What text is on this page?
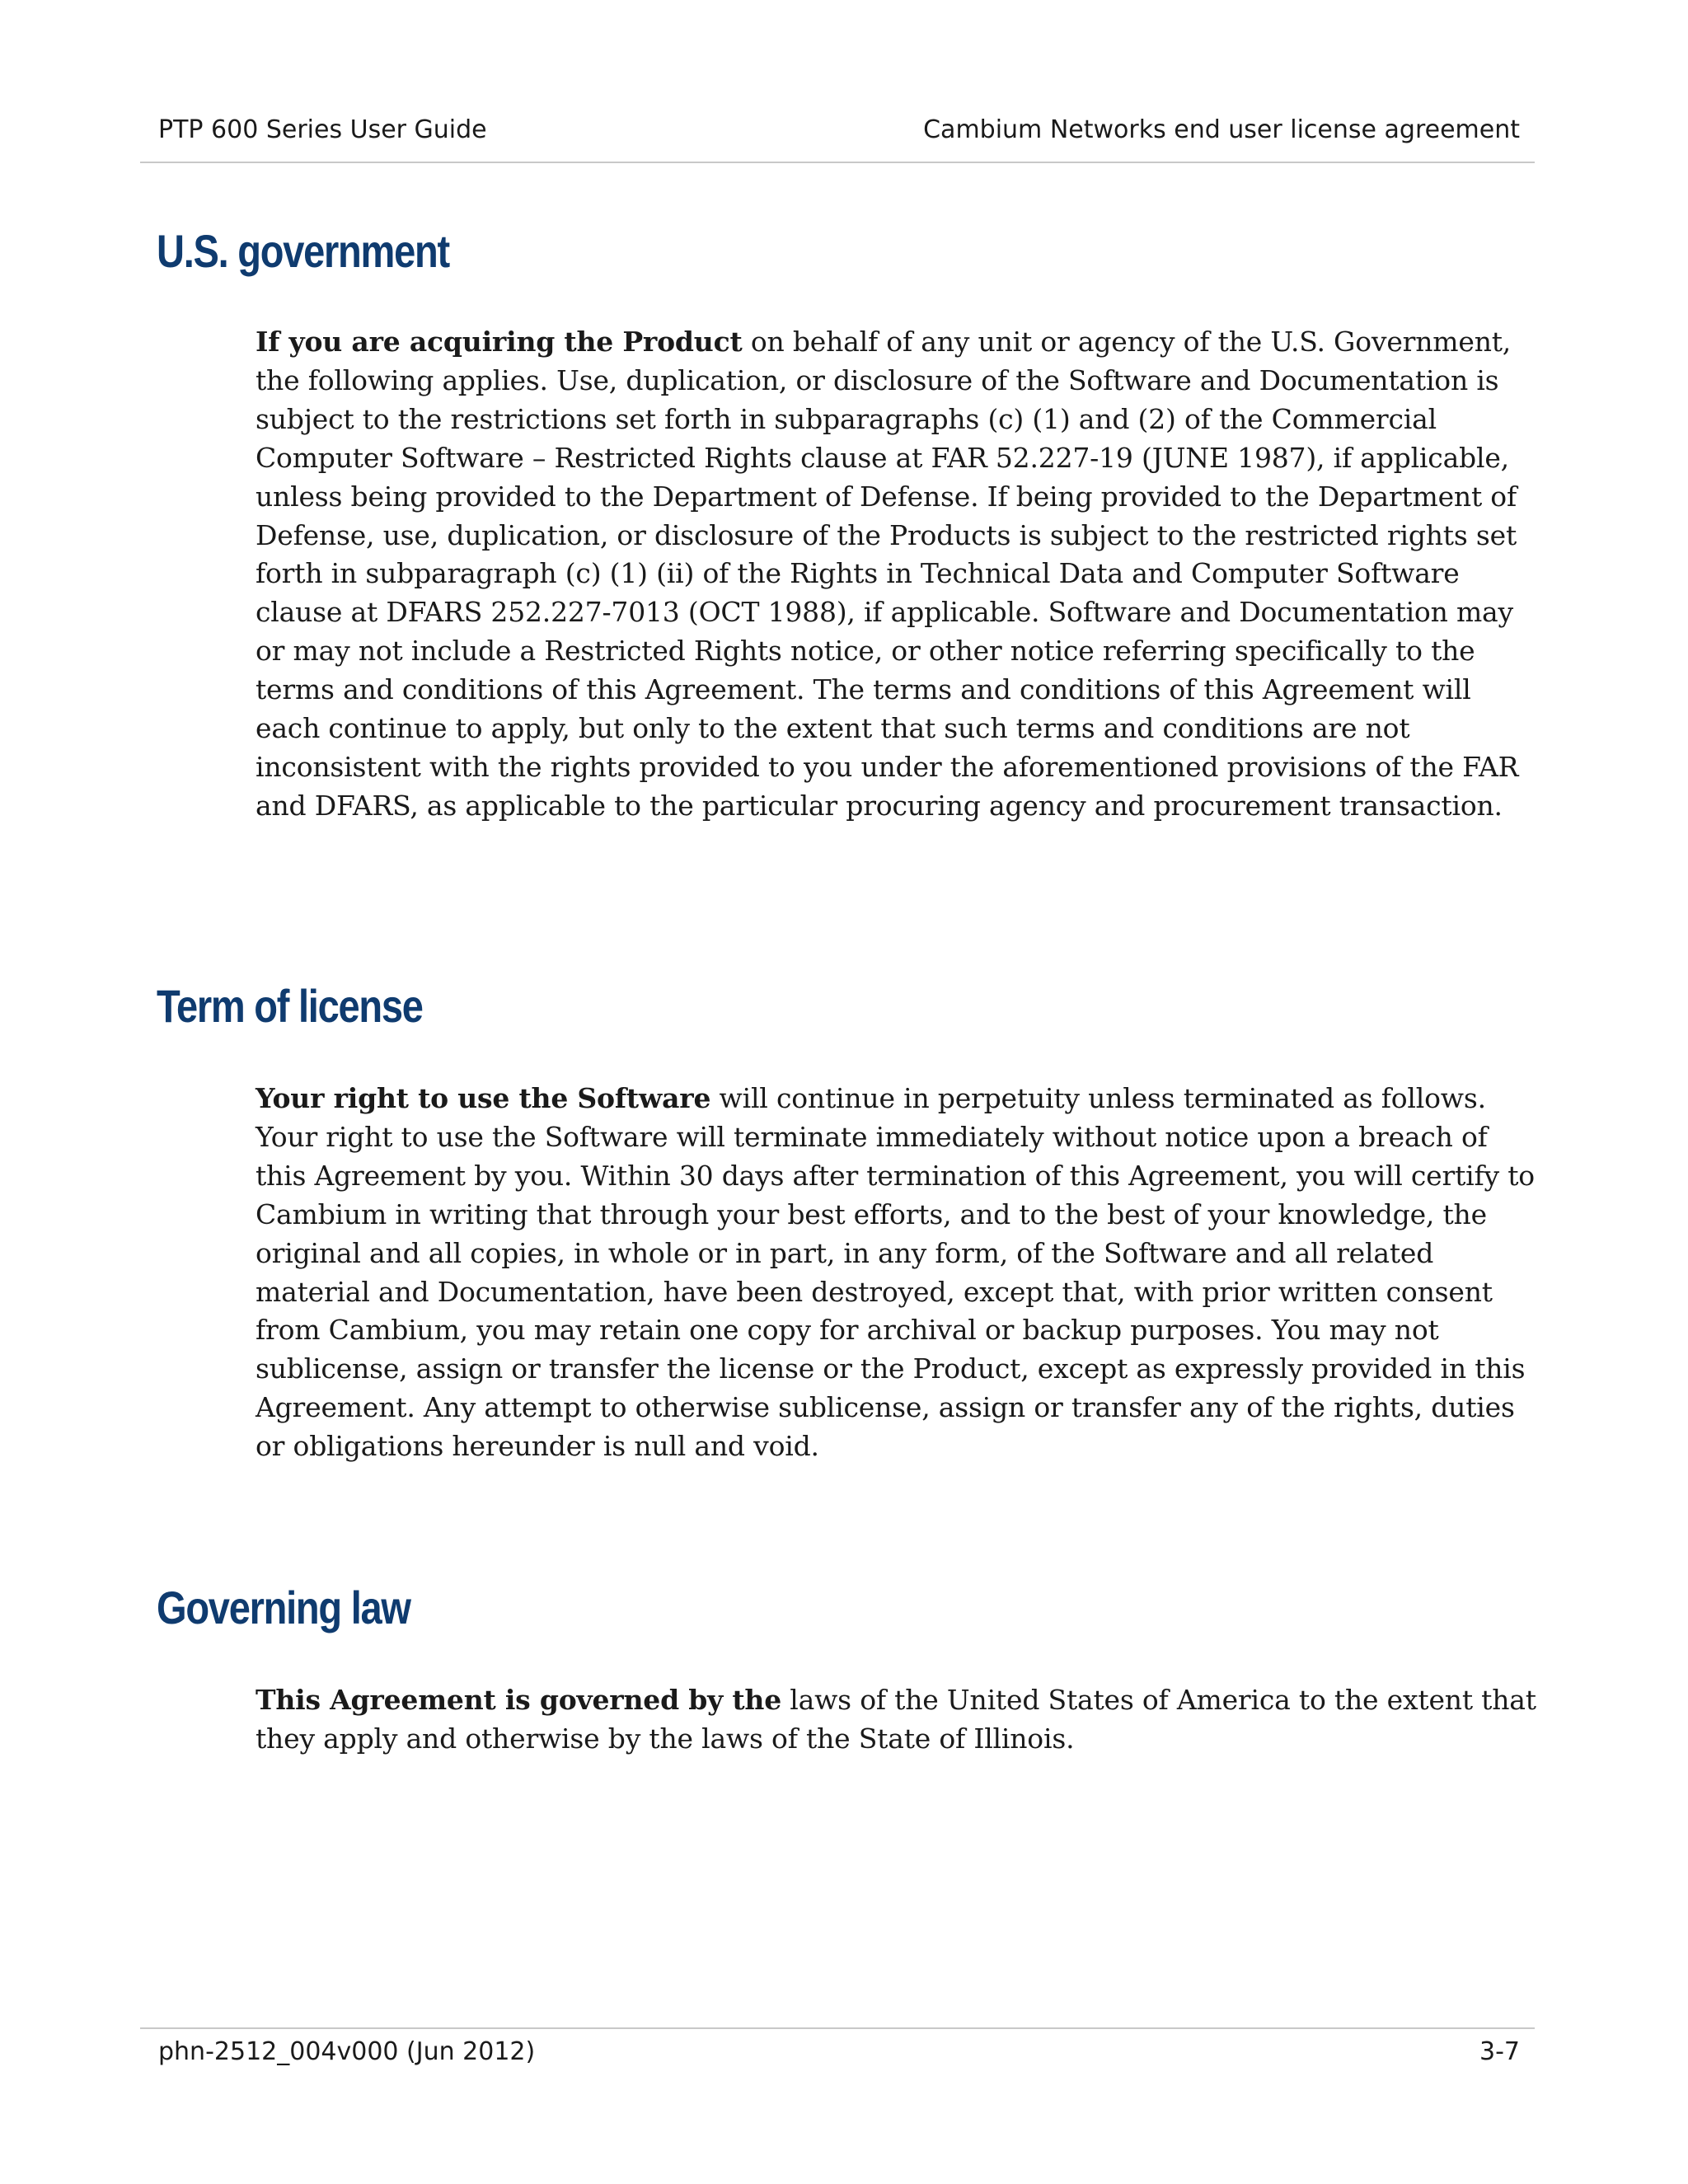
PTP 600 Series User Guide	Cambium Networks end user license agreement
U.S. government

If you are acquiring the Product on behalf of any unit or agency of the U.S. Government, the following applies. Use, duplication, or disclosure of the Software and Documentation is subject to the restrictions set forth in subparagraphs (c) (1) and (2) of the Commercial Computer Software – Restricted Rights clause at FAR 52.227-19 (JUNE 1987), if applicable, unless being provided to the Department of Defense. If being provided to the Department of Defense, use, duplication, or disclosure of the Products is subject to the restricted rights set forth in subparagraph (c) (1) (ii) of the Rights in Technical Data and Computer Software clause at DFARS 252.227-7013 (OCT 1988), if applicable. Software and Documentation may or may not include a Restricted Rights notice, or other notice referring specifically to the terms and conditions of this Agreement. The terms and conditions of this Agreement will each continue to apply, but only to the extent that such terms and conditions are not inconsistent with the rights provided to you under the aforementioned provisions of the FAR and DFARS, as applicable to the particular procuring agency and procurement transaction.

Term of license

Your right to use the Software will continue in perpetuity unless terminated as follows. Your right to use the Software will terminate immediately without notice upon a breach of this Agreement by you. Within 30 days after termination of this Agreement, you will certify to Cambium in writing that through your best efforts, and to the best of your knowledge, the original and all copies, in whole or in part, in any form, of the Software and all related material and Documentation, have been destroyed, except that, with prior written consent from Cambium, you may retain one copy for archival or backup purposes. You may not sublicense, assign or transfer the license or the Product, except as expressly provided in this Agreement. Any attempt to otherwise sublicense, assign or transfer any of the rights, duties or obligations hereunder is null and void.

Governing law

This Agreement is governed by the laws of the United States of America to the extent that they apply and otherwise by the laws of the State of Illinois.

phn-2512_004v000 (Jun 2012)	3-7
